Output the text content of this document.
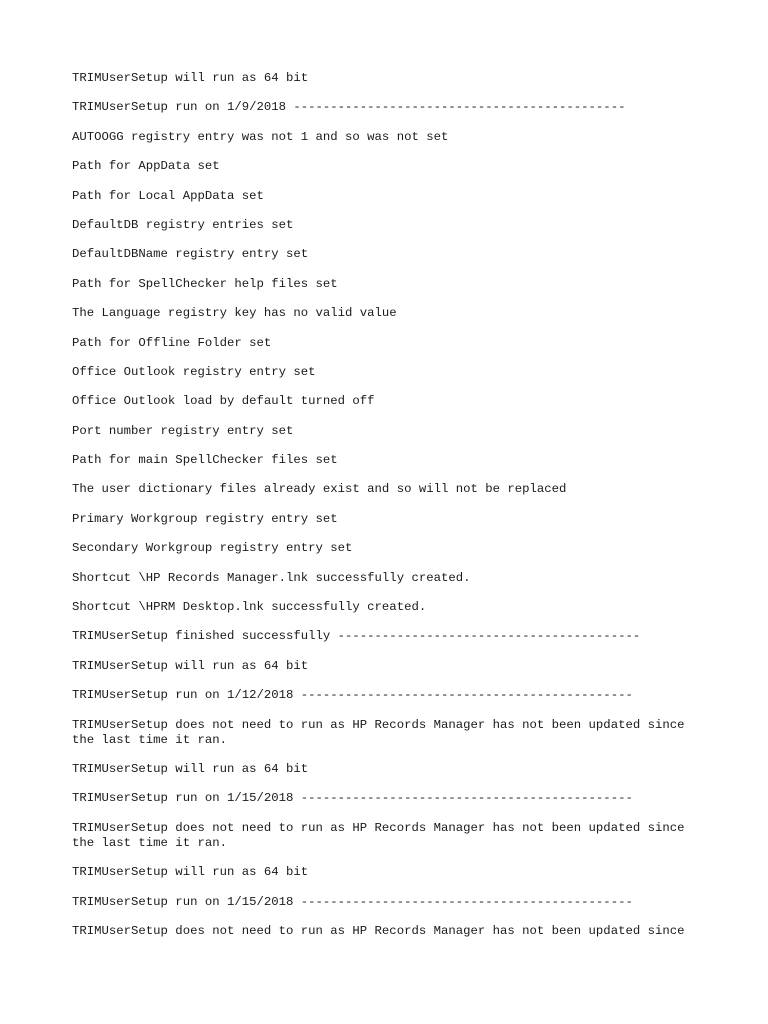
TRIMUserSetup will run as 64 bit
TRIMUserSetup run on 1/9/2018 ---------------------------------------------
AUTOOGG registry entry was not 1 and so was not set
Path for AppData set
Path for Local AppData set
DefaultDB registry entries set
DefaultDBName registry entry set
Path for SpellChecker help files set
The Language registry key has no valid value
Path for Offline Folder set
Office Outlook registry entry set
Office Outlook load by default turned off
Port number registry entry set
Path for main SpellChecker files set
The user dictionary files already exist and so will not be replaced
Primary Workgroup registry entry set
Secondary Workgroup registry entry set
Shortcut \HP Records Manager.lnk successfully created.
Shortcut \HPRM Desktop.lnk successfully created.
TRIMUserSetup finished successfully -----------------------------------------
TRIMUserSetup will run as 64 bit
TRIMUserSetup run on 1/12/2018 ---------------------------------------------
TRIMUserSetup does not need to run as HP Records Manager has not been updated since
the last time it ran.
TRIMUserSetup will run as 64 bit
TRIMUserSetup run on 1/15/2018 ---------------------------------------------
TRIMUserSetup does not need to run as HP Records Manager has not been updated since
the last time it ran.
TRIMUserSetup will run as 64 bit
TRIMUserSetup run on 1/15/2018 ---------------------------------------------
TRIMUserSetup does not need to run as HP Records Manager has not been updated since
